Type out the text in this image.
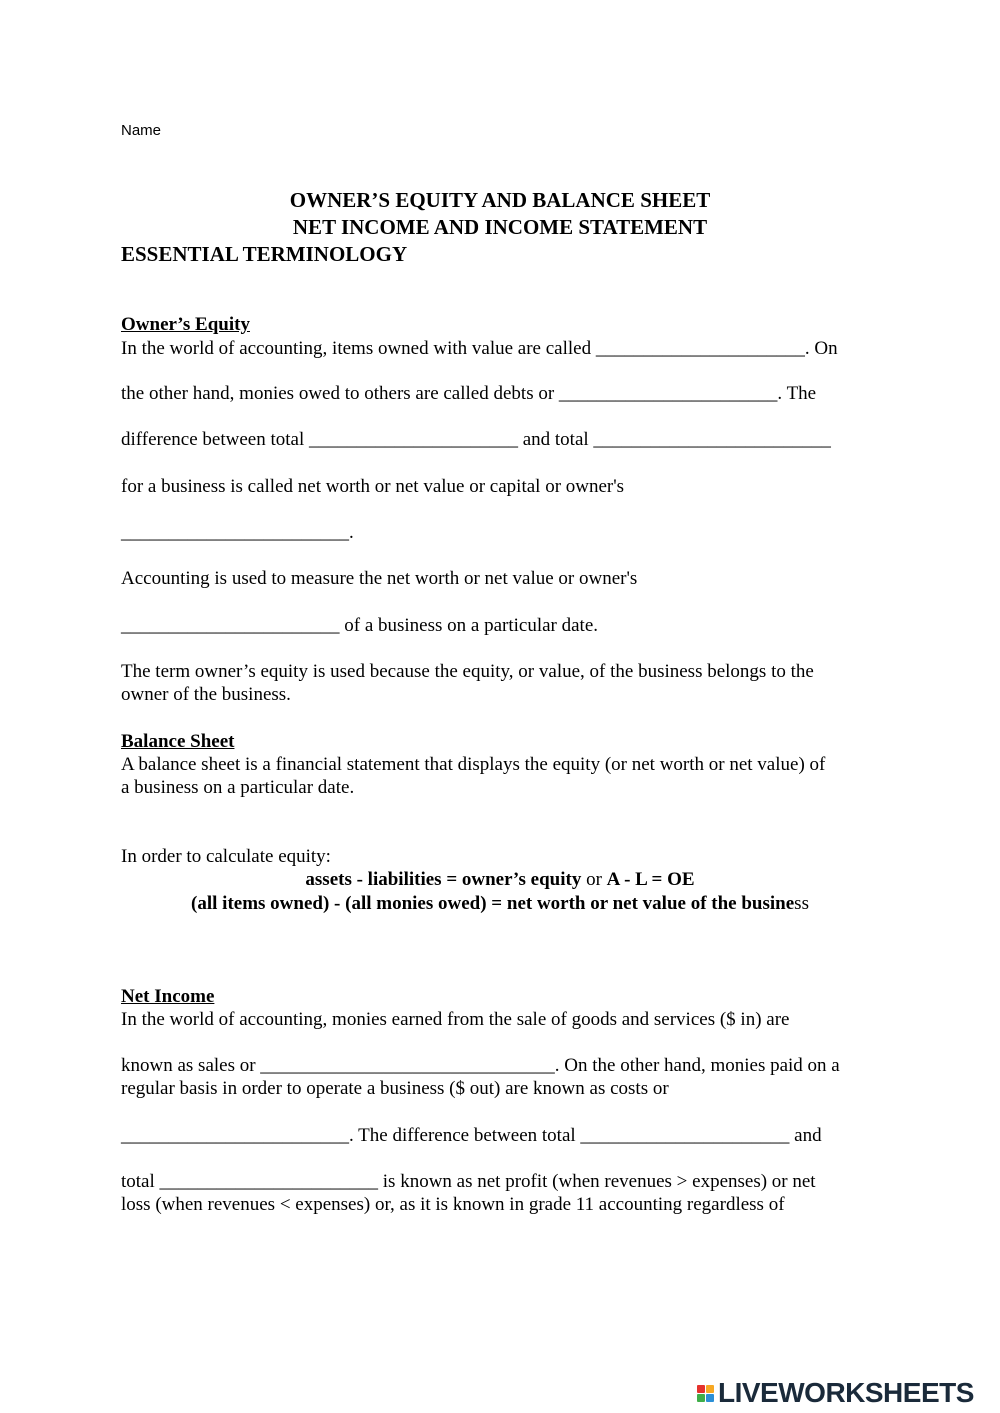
Name
OWNER’S EQUITY AND BALANCE SHEET
NET INCOME AND INCOME STATEMENT
ESSENTIAL TERMINOLOGY
Owner’s Equity
In the world of accounting, items owned with value are called ______________________. On
the other hand, monies owed to others are called debts or _______________________. The
difference between total ______________________ and total _________________________
for a business is called net worth or net value or capital or owner's
________________________.
Accounting is used to measure the net worth or net value or owner's
_______________________ of a business on a particular date.
The term owner’s equity is used because the equity, or value, of the business belongs to the
owner of the business.
Balance Sheet
A balance sheet is a financial statement that displays the equity (or net worth or net value) of
a business on a particular date.
In order to calculate equity:
assets - liabilities = owner’s equity or A - L = OE
(all items owned) - (all monies owed) = net worth or net value of the business
Net Income
In the world of accounting, monies earned from the sale of goods and services ($ in) are
known as sales or _______________________________. On the other hand, monies paid on a
regular basis in order to operate a business ($ out) are known as costs or
________________________. The difference between total ______________________ and
total _______________________ is known as net profit (when revenues > expenses) or net
loss (when revenues < expenses) or, as it is known in grade 11 accounting regardless of
LIVEWORKSHEETS
